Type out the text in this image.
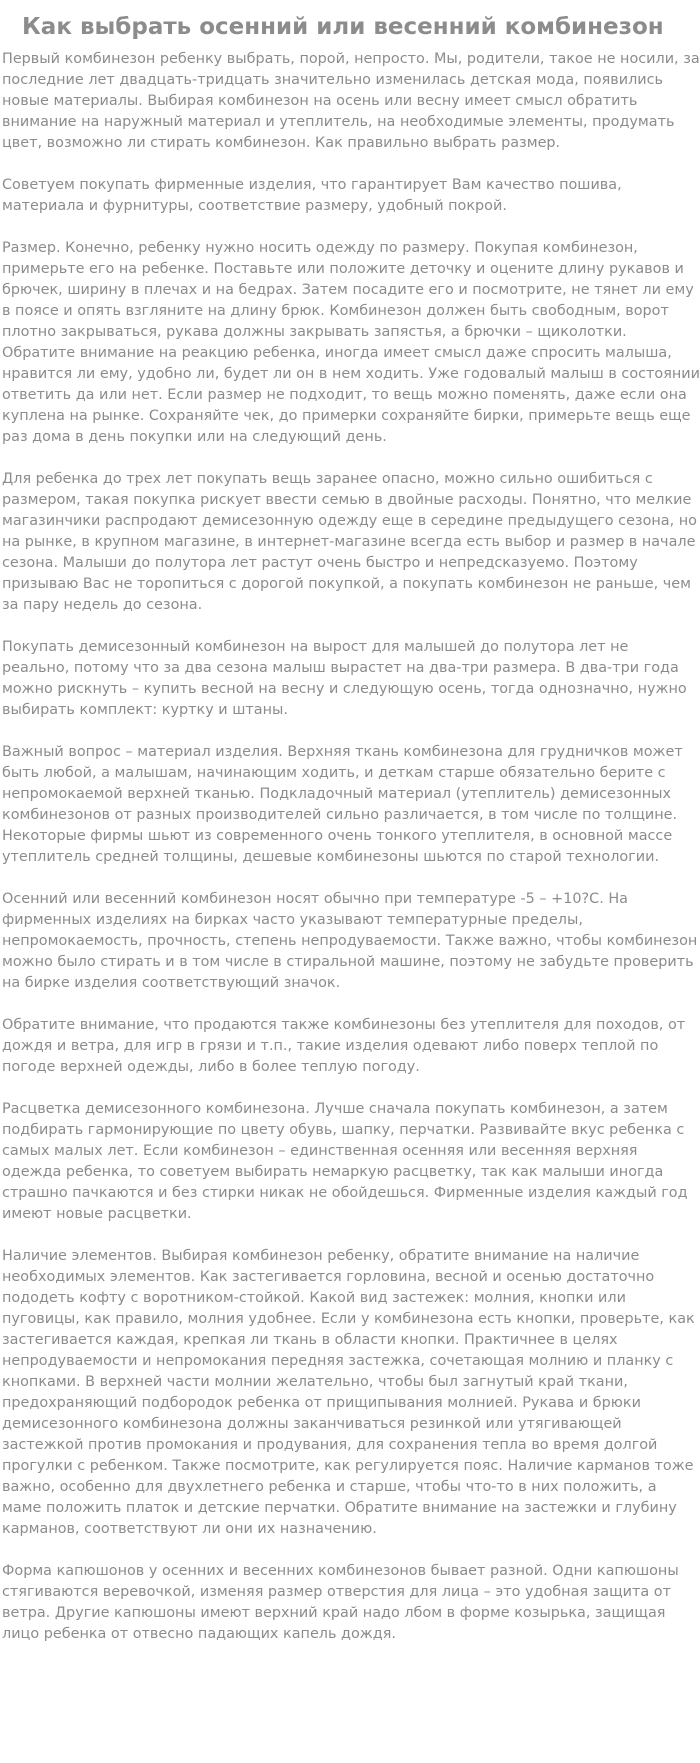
Как выбрать осенний или весенний комбинезон

Первый комбинезон ребенку выбрать, порой, непросто. Мы, родители, такое не носили, за последние лет двадцать-тридцать значительно изменилась детская мода, появились новые материалы. Выбирая комбинезон на осень или весну имеет смысл обратить внимание на наружный материал и утеплитель, на необходимые элементы, продумать цвет, возможно ли стирать комбинезон. Как правильно выбрать размер.

Советуем покупать фирменные изделия, что гарантирует Вам качество пошива, материала и фурнитуры, соответствие размеру, удобный покрой.

Размер. Конечно, ребенку нужно носить одежду по размеру. Покупая комбинезон, примерьте его на ребенке. Поставьте или положите деточку и оцените длину рукавов и брючек, ширину в плечах и на бедрах. Затем посадите его и посмотрите, не тянет ли ему в поясе и опять взгляните на длину брюк. Комбинезон должен быть свободным, ворот плотно закрываться, рукава должны закрывать запястья, а брючки – щиколотки. Обратите внимание на реакцию ребенка, иногда имеет смысл даже спросить малыша, нравится ли ему, удобно ли, будет ли он в нем ходить. Уже годовалый малыш в состоянии ответить да или нет. Если размер не подходит, то вещь можно поменять, даже если она куплена на рынке. Сохраняйте чек, до примерки сохраняйте бирки, примерьте вещь еще раз дома в день покупки или на следующий день.

Для ребенка до трех лет покупать вещь заранее опасно, можно сильно ошибиться с размером, такая покупка рискует ввести семью в двойные расходы. Понятно, что мелкие магазинчики распродают демисезонную одежду еще в середине предыдущего сезона, но на рынке, в крупном магазине, в интернет-магазине всегда есть выбор и размер в начале сезона. Малыши до полутора лет растут очень быстро и непредсказуемо. Поэтому призываю Вас не торопиться с дорогой покупкой, а покупать комбинезон не раньше, чем за пару недель до сезона.

Покупать демисезонный комбинезон на вырост для малышей до полутора лет не реально, потому что за два сезона малыш вырастет на два-три размера. В два-три года можно рискнуть – купить весной на весну и следующую осень, тогда однозначно, нужно выбирать комплект: куртку и штаны.

Важный вопрос – материал изделия. Верхняя ткань комбинезона для грудничков может быть любой, а малышам, начинающим ходить, и деткам старше обязательно берите с непромокаемой верхней тканью. Подкладочный материал (утеплитель) демисезонных комбинезонов от разных производителей сильно различается, в том числе по толщине. Некоторые фирмы шьют из современного очень тонкого утеплителя, в основной массе утеплитель средней толщины, дешевые комбинезоны шьются по старой технологии.

Осенний или весенний комбинезон носят обычно при температуре -5 – +10?С. На фирменных изделиях на бирках часто указывают температурные пределы, непромокаемость, прочность, степень непродуваемости. Также важно, чтобы комбинезон можно было стирать и в том числе в стиральной машине, поэтому не забудьте проверить на бирке изделия соответствующий значок.

Обратите внимание, что продаются также комбинезоны без утеплителя для походов, от дождя и ветра, для игр в грязи и т.п., такие изделия одевают либо поверх теплой по погоде верхней одежды, либо в более теплую погоду.

Расцветка демисезонного комбинезона. Лучше сначала покупать комбинезон, а затем подбирать гармонирующие по цвету обувь, шапку, перчатки. Развивайте вкус ребенка с самых малых лет. Если комбинезон – единственная осенняя или весенняя верхняя одежда ребенка, то советуем выбирать немаркую расцветку, так как малыши иногда страшно пачкаются и без стирки никак не обойдешься. Фирменные изделия каждый год имеют новые расцветки.

Наличие элементов. Выбирая комбинезон ребенку, обратите внимание на наличие необходимых элементов. Как застегивается горловина, весной и осенью достаточно пододеть кофту с воротником-стойкой. Какой вид застежек: молния, кнопки или пуговицы, как правило, молния удобнее. Если у комбинезона есть кнопки, проверьте, как застегивается каждая, крепкая ли ткань в области кнопки. Практичнее в целях непродуваемости и непромокания передняя застежка, сочетающая молнию и планку с кнопками. В верхней части молнии желательно, чтобы был загнутый край ткани, предохраняющий подбородок ребенка от прищипывания молнией. Рукава и брюки демисезонного комбинезона должны заканчиваться резинкой или утягивающей застежкой против промокания и продувания, для сохранения тепла во время долгой прогулки с ребенком. Также посмотрите, как регулируется пояс. Наличие карманов тоже важно, особенно для двухлетнего ребенка и старше, чтобы что-то в них положить, а маме положить платок и детские перчатки. Обратите внимание на застежки и глубину карманов, соответствуют ли они их назначению.

Форма капюшонов у осенних и весенних комбинезонов бывает разной. Одни капюшоны стягиваются веревочкой, изменяя размер отверстия для лица – это удобная защита от ветра. Другие капюшоны имеют верхний край надо лбом в форме козырька, защищая лицо ребенка от отвесно падающих капель дождя.
